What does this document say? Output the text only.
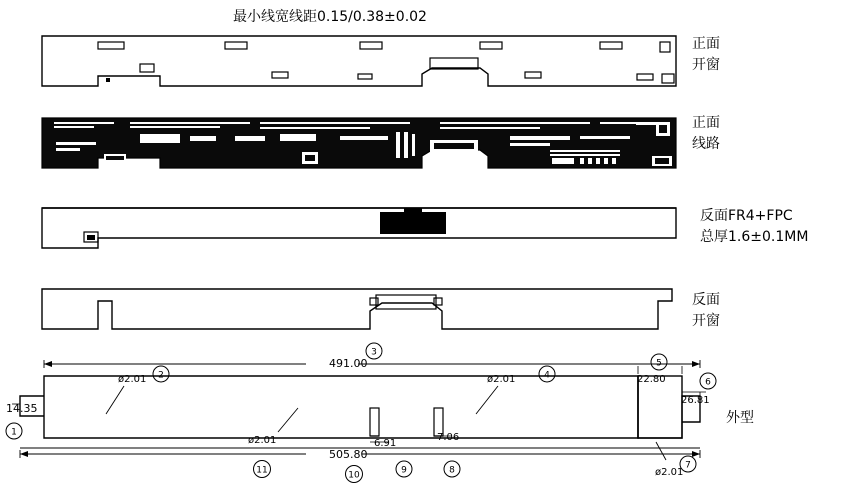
最小线宽线距0.15/0.38±0.02
491.00
505.80
14.35
22.80
26.81
6.91
7.06
ø2.01	ø2.01
ø2.01
ø2.01
1
2
3
4
5
6
7
8
9
10
11
正面
开窗
正面
线路
反面FR4+FPC
总厚1.6±0.1MM
反面
开窗
外型
